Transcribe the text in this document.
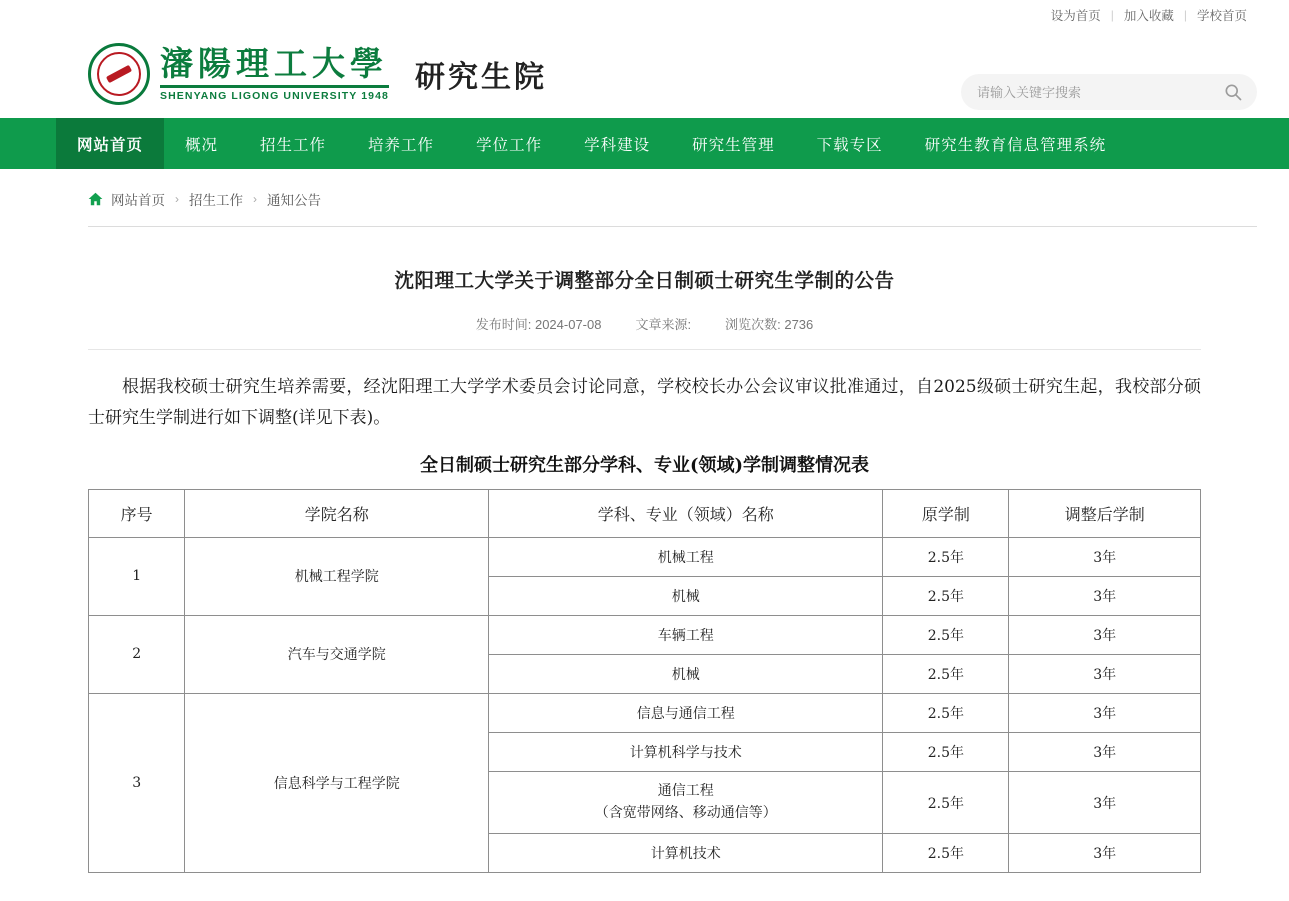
设为首页 | 加入收藏 | 学校首页
瀋陽理工大學
SHENYANG LIGONG UNIVERSITY 1948
研究生院
请输入关键字搜索
网站首页	概况	招生工作	培养工作	学位工作	学科建设	研究生管理	下载专区	研究生教育信息管理系统
网站首页 › 招生工作 › 通知公告
沈阳理工大学关于调整部分全日制硕士研究生学制的公告
发布时间: 2024-07-08	文章来源:	浏览次数: 2736

根据我校硕士研究生培养需要，经沈阳理工大学学术委员会讨论同意，学校校长办公会议审议批准通过，自2025级硕士研究生起，我校部分硕士研究生学制进行如下调整(详见下表)。

全日制硕士研究生部分学科、专业(领域)学制调整情况表
序号	学院名称	学科、专业（领域）名称	原学制	调整后学制
1	机械工程学院	机械工程	2.5年	3年
		机械	2.5年	3年
2	汽车与交通学院	车辆工程	2.5年	3年
		机械	2.5年	3年
3	信息科学与工程学院	信息与通信工程	2.5年	3年
		计算机科学与技术	2.5年	3年
		通信工程
（含宽带网络、移动通信等）	2.5年	3年
		计算机技术	2.5年	3年
